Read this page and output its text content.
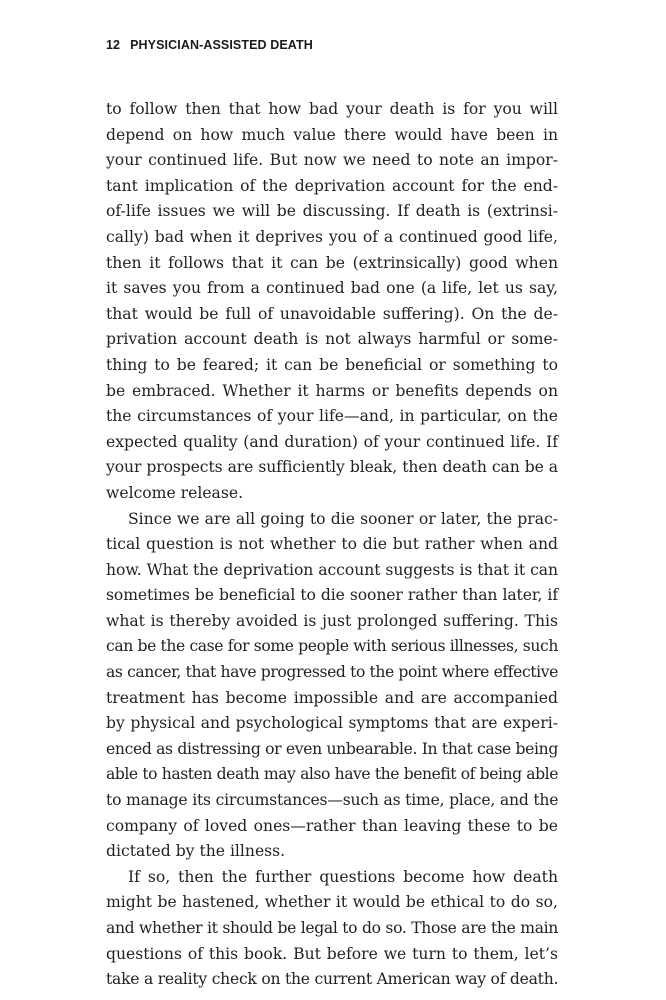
12 PHYSICIAN-ASSISTED DEATH

to follow then that how bad your death is for you will
depend on how much value there would have been in
your continued life. But now we need to note an impor-
tant implication of the deprivation account for the end-
of-life issues we will be discussing. If death is (extrinsi-
cally) bad when it deprives you of a continued good life,
then it follows that it can be (extrinsically) good when
it saves you from a continued bad one (a life, let us say,
that would be full of unavoidable suffering). On the de-
privation account death is not always harmful or some-
thing to be feared; it can be beneficial or something to
be embraced. Whether it harms or benefits depends on
the circumstances of your life—and, in particular, on the
expected quality (and duration) of your continued life. If
your prospects are sufficiently bleak, then death can be a
welcome release.

Since we are all going to die sooner or later, the prac-
tical question is not whether to die but rather when and
how. What the deprivation account suggests is that it can
sometimes be beneficial to die sooner rather than later, if
what is thereby avoided is just prolonged suffering. This
can be the case for some people with serious illnesses, such
as cancer, that have progressed to the point where effective
treatment has become impossible and are accompanied
by physical and psychological symptoms that are experi-
enced as distressing or even unbearable. In that case being
able to hasten death may also have the benefit of being able
to manage its circumstances—such as time, place, and the
company of loved ones—rather than leaving these to be
dictated by the illness.

If so, then the further questions become how death
might be hastened, whether it would be ethical to do so,
and whether it should be legal to do so. Those are the main
questions of this book. But before we turn to them, let’s
take a reality check on the current American way of death.
